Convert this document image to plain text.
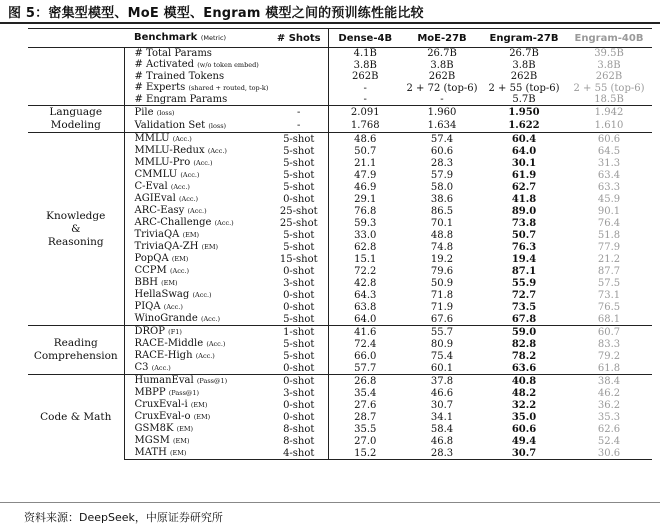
图 5：密集型模型、MoE 模型、Engram 模型之间的预训练性能比较
	Benchmark (Metric)	# Shots	Dense-4B	MoE-27B	Engram-27B	Engram-40B
	# Total Params		4.1B	26.7B	26.7B	39.5B
	# Activated (w/o token embed)		3.8B	3.8B	3.8B	3.8B
	# Trained Tokens		262B	262B	262B	262B
	# Experts (shared + routed, top-k)		-	2 + 72 (top-6)	2 + 55 (top-6)	2 + 55 (top-6)
	# Engram Params		-	-	5.7B	18.5B
Language
Modeling	Pile (loss)	-	2.091	1.960	1.950	1.942
	Validation Set (loss)	-	1.768	1.634	1.622	1.610
Knowledge
&
Reasoning	MMLU (Acc.)	5-shot	48.6	57.4	60.4	60.6
	MMLU-Redux (Acc.)	5-shot	50.7	60.6	64.0	64.5
	MMLU-Pro (Acc.)	5-shot	21.1	28.3	30.1	31.3
	CMMLU (Acc.)	5-shot	47.9	57.9	61.9	63.4
	C-Eval (Acc.)	5-shot	46.9	58.0	62.7	63.3
	AGIEval (Acc.)	0-shot	29.1	38.6	41.8	45.9
	ARC-Easy (Acc.)	25-shot	76.8	86.5	89.0	90.1
	ARC-Challenge (Acc.)	25-shot	59.3	70.1	73.8	76.4
	TriviaQA (EM)	5-shot	33.0	48.8	50.7	51.8
	TriviaQA-ZH (EM)	5-shot	62.8	74.8	76.3	77.9
	PopQA (EM)	15-shot	15.1	19.2	19.4	21.2
	CCPM (Acc.)	0-shot	72.2	79.6	87.1	87.7
	BBH (EM)	3-shot	42.8	50.9	55.9	57.5
	HellaSwag (Acc.)	0-shot	64.3	71.8	72.7	73.1
	PIQA (Acc.)	0-shot	63.8	71.9	73.5	76.5
	WinoGrande (Acc.)	5-shot	64.0	67.6	67.8	68.1
Reading
Comprehension	DROP (F1)	1-shot	41.6	55.7	59.0	60.7
	RACE-Middle (Acc.)	5-shot	72.4	80.9	82.8	83.3
	RACE-High (Acc.)	5-shot	66.0	75.4	78.2	79.2
	C3 (Acc.)	0-shot	57.7	60.1	63.6	61.8
Code & Math	HumanEval (Pass@1)	0-shot	26.8	37.8	40.8	38.4
	MBPP (Pass@1)	3-shot	35.4	46.6	48.2	46.2
	CruxEval-i (EM)	0-shot	27.6	30.7	32.2	36.2
	CruxEval-o (EM)	0-shot	28.7	34.1	35.0	35.3
	GSM8K (EM)	8-shot	35.5	58.4	60.6	62.6
	MGSM (EM)	8-shot	27.0	46.8	49.4	52.4
	MATH (EM)	4-shot	15.2	28.3	30.7	30.6
资料来源：DeepSeek，中原证券研究所
